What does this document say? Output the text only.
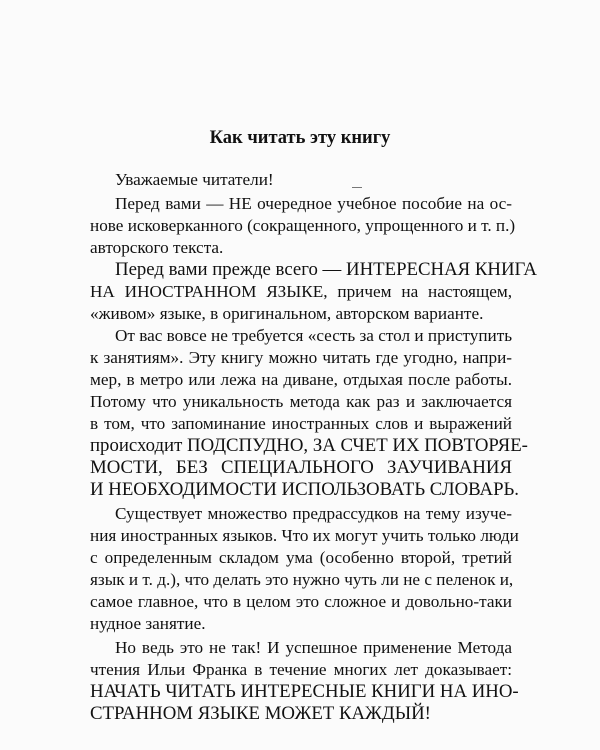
Как читать эту книгу
Уважаемые читатели!
Перед вами — НЕ очередное учебное пособие на ос-
нове исковерканного (сокращенного, упрощенного и т. п.)
авторского текста.
Перед вами прежде всего — ИНТЕРЕСНАЯ КНИГА
НА ИНОСТРАННОМ ЯЗЫКЕ, причем на настоящем,
«живом» языке, в оригинальном, авторском варианте.
От вас вовсе не требуется «сесть за стол и приступить
к занятиям». Эту книгу можно читать где угодно, напри-
мер, в метро или лежа на диване, отдыхая после работы.
Потому что уникальность метода как раз и заключается
в том, что запоминание иностранных слов и выражений
происходит ПОДСПУДНО, ЗА СЧЕТ ИХ ПОВТОРЯЕ-
МОСТИ, БЕЗ СПЕЦИАЛЬНОГО ЗАУЧИВАНИЯ
И НЕОБХОДИМОСТИ ИСПОЛЬЗОВАТЬ СЛОВАРЬ.
Существует множество предрассудков на тему изуче-
ния иностранных языков. Что их могут учить только люди
с определенным складом ума (особенно второй, третий
язык и т. д.), что делать это нужно чуть ли не с пеленок и,
самое главное, что в целом это сложное и довольно-таки
нудное занятие.
Но ведь это не так! И успешное применение Метода
чтения Ильи Франка в течение многих лет доказывает:
НАЧАТЬ ЧИТАТЬ ИНТЕРЕСНЫЕ КНИГИ НА ИНО-
СТРАННОМ ЯЗЫКЕ МОЖЕТ КАЖДЫЙ!
